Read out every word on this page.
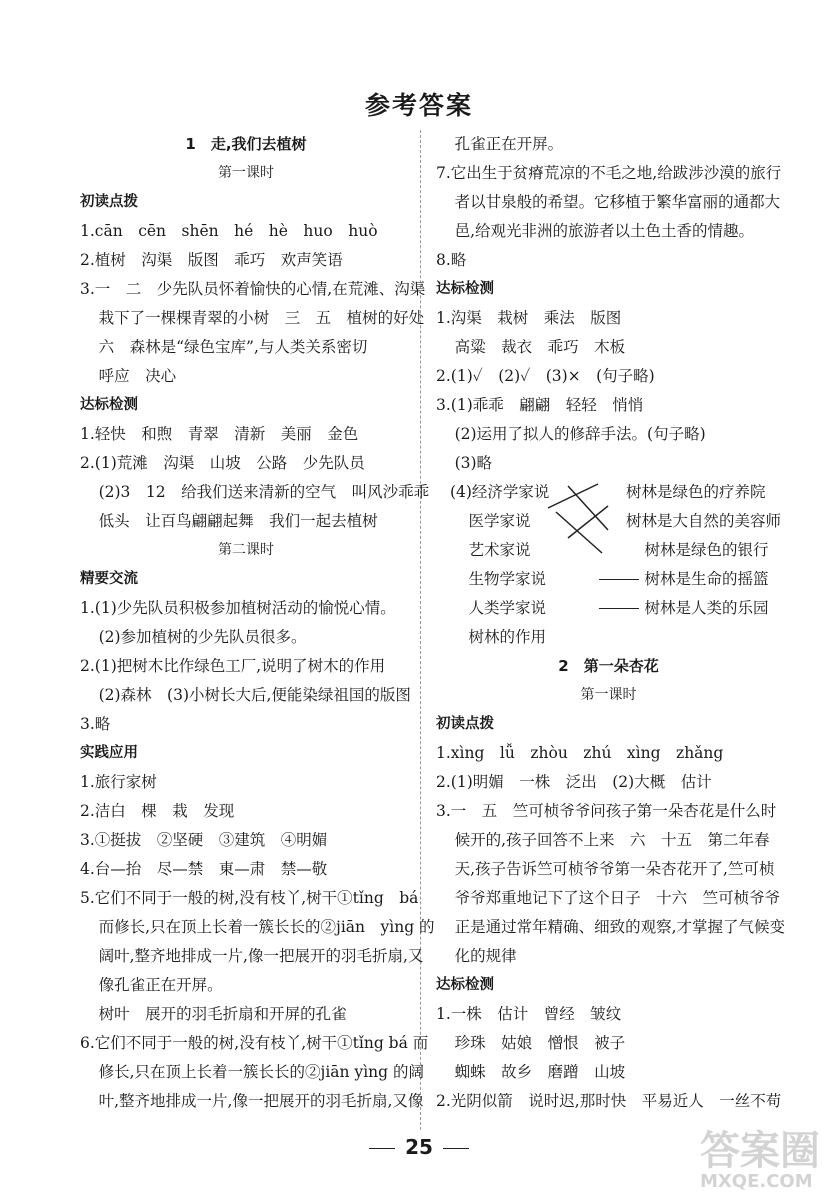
参考答案
1　走,我们去植树
第一课时
初读点拨
1.cān　cēn　shēn　hé　hè　huo　huò
2.植树　沟渠　版图　乖巧　欢声笑语
3.一　二　少先队员怀着愉快的心情,在荒滩、沟渠
栽下了一棵棵青翠的小树　三　五　植树的好处
六　森林是“绿色宝库”,与人类关系密切
呼应　决心
达标检测
1.轻快　和煦　青翠　清新　美丽　金色
2.(1)荒滩　沟渠　山坡　公路　少先队员
(2)3　12　给我们送来清新的空气　叫风沙乖乖
低头　让百鸟翩翩起舞　我们一起去植树
第二课时
精要交流
1.(1)少先队员积极参加植树活动的愉悦心情。
(2)参加植树的少先队员很多。
2.(1)把树木比作绿色工厂,说明了树木的作用
(2)森林　(3)小树长大后,便能染绿祖国的版图
3.略
实践应用
1.旅行家树
2.洁白　棵　栽　发现
3.①挺拔　②坚硬　③建筑　④明媚
4.台—抬　尽—禁　東—肃　禁—敬
5.它们不同于一般的树,没有枝丫,树干①tǐng　bá
而修长,只在顶上长着一簇长长的②jiān　yìng 的
阔叶,整齐地排成一片,像一把展开的羽毛折扇,又
像孔雀正在开屏。
树叶　展开的羽毛折扇和开屏的孔雀
6.它们不同于一般的树,没有枝丫,树干①tǐng bá 而
修长,只在顶上长着一簇长长的②jiān yìng 的阔
叶,整齐地排成一片,像一把展开的羽毛折扇,又像
孔雀正在开屏。
7.它出生于贫瘠荒凉的不毛之地,给跋涉沙漠的旅行
者以甘泉般的希望。它移植于繁华富丽的通都大
邑,给观光非洲的旅游者以土色土香的情趣。
8.略
达标检测
1.沟渠　栽树　乘法　版图
高粱　裁衣　乖巧　木板
2.(1)✓　(2)✓　(3)×　(句子略)
3.(1)乖乖　翩翩　轻轻　悄悄
(2)运用了拟人的修辞手法。(句子略)
(3)略
(4)经济学家说	树林是绿色的疗养院
医学家说	树林是大自然的美容师
艺术家说	树林是绿色的银行
生物学家说	树林是生命的摇篮
人类学家说	树林是人类的乐园
树林的作用
2　第一朵杏花
第一课时
初读点拨
1.xìng　lǚ　zhòu　zhú　xìng　zhǎng
2.(1)明媚　一株　泛出　(2)大概　估计
3.一　五　竺可桢爷爷问孩子第一朵杏花是什么时
候开的,孩子回答不上来　六　十五　第二年春
天,孩子告诉竺可桢爷爷第一朵杏花开了,竺可桢
爷爷郑重地记下了这个日子　十六　竺可桢爷爷
正是通过常年精确、细致的观察,才掌握了气候变
化的规律
达标检测
1.一株　估计　曾经　皱纹
珍珠　姑娘　憎恨　被子
蜘蛛　故乡　磨蹭　山坡
2.光阴似箭　说时迟,那时快　平易近人　一丝不苟
25	答案圈
MXQE.COM
